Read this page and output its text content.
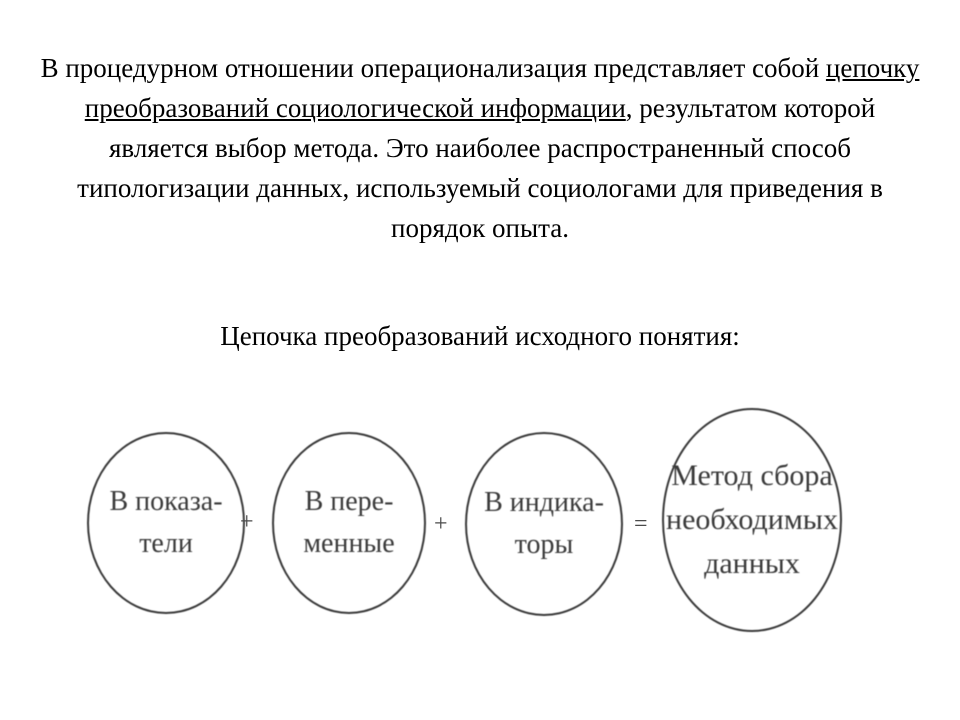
В процедурном отношении операционализация представляет собой цепочку преобразований социологической информации, результатом которой является выбор метода. Это наиболее распространенный способ типологизации данных, используемый социологами для приведения в порядок опыта.
Цепочка преобразований исходного понятия:
В показа-
тели
+
В пере-
менные
+
В индика-
торы
=
Метод сбора
необходимых
данных
